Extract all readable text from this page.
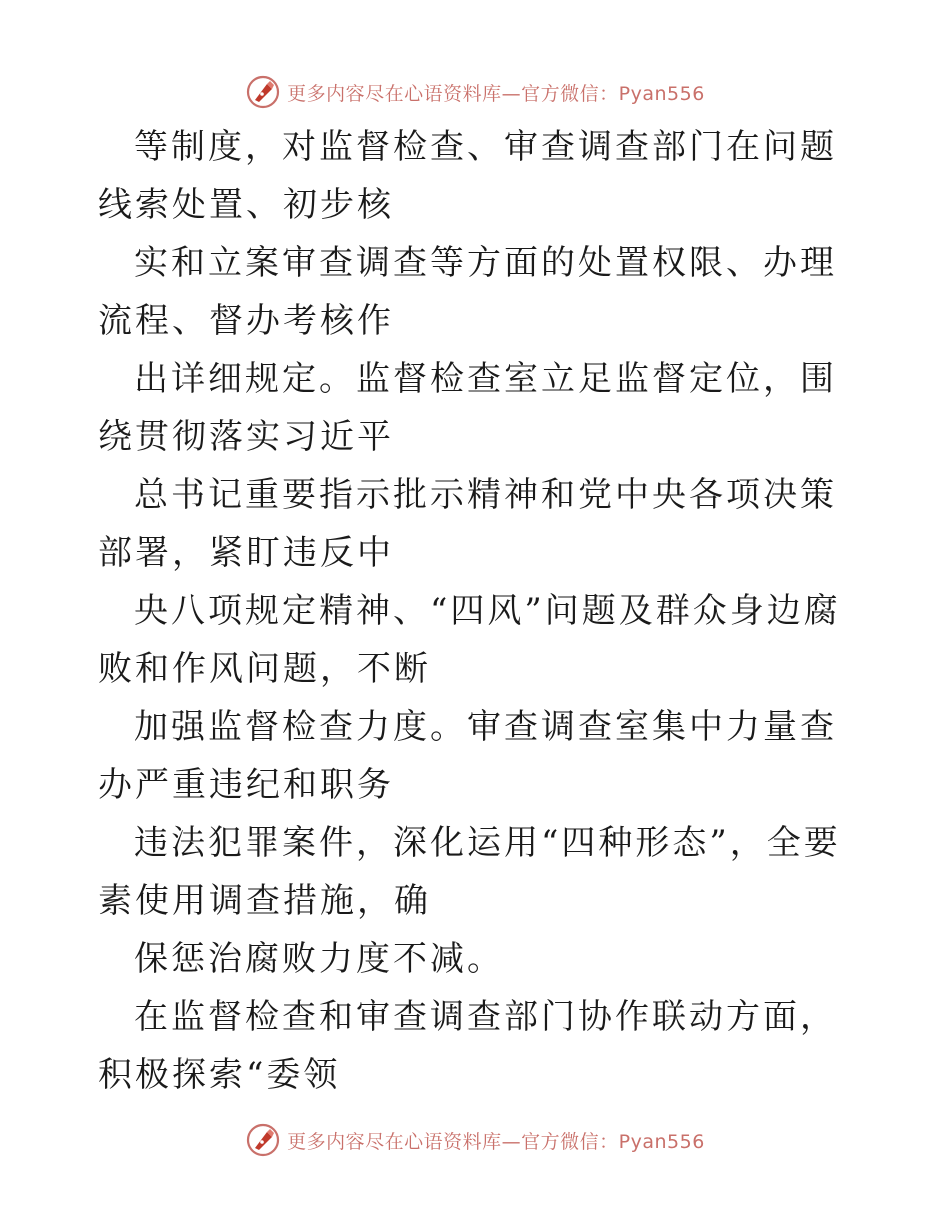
更多内容尽在心语资料库—官方微信：Pyan556

等制度，对监督检查、审查调查部门在问题线索处置、初步核

实和立案审查调查等方面的处置权限、办理流程、督办考核作

出详细规定。监督检查室立足监督定位，围绕贯彻落实习近平

总书记重要指示批示精神和党中央各项决策部署，紧盯违反中

央八项规定精神、“四风”问题及群众身边腐败和作风问题，不断

加强监督检查力度。审查调查室集中力量查办严重违纪和职务

违法犯罪案件，深化运用“四种形态”，全要素使用调查措施，确

保惩治腐败力度不减。

在监督检查和审查调查部门协作联动方面，积极探索“委领

更多内容尽在心语资料库—官方微信：Pyan556
